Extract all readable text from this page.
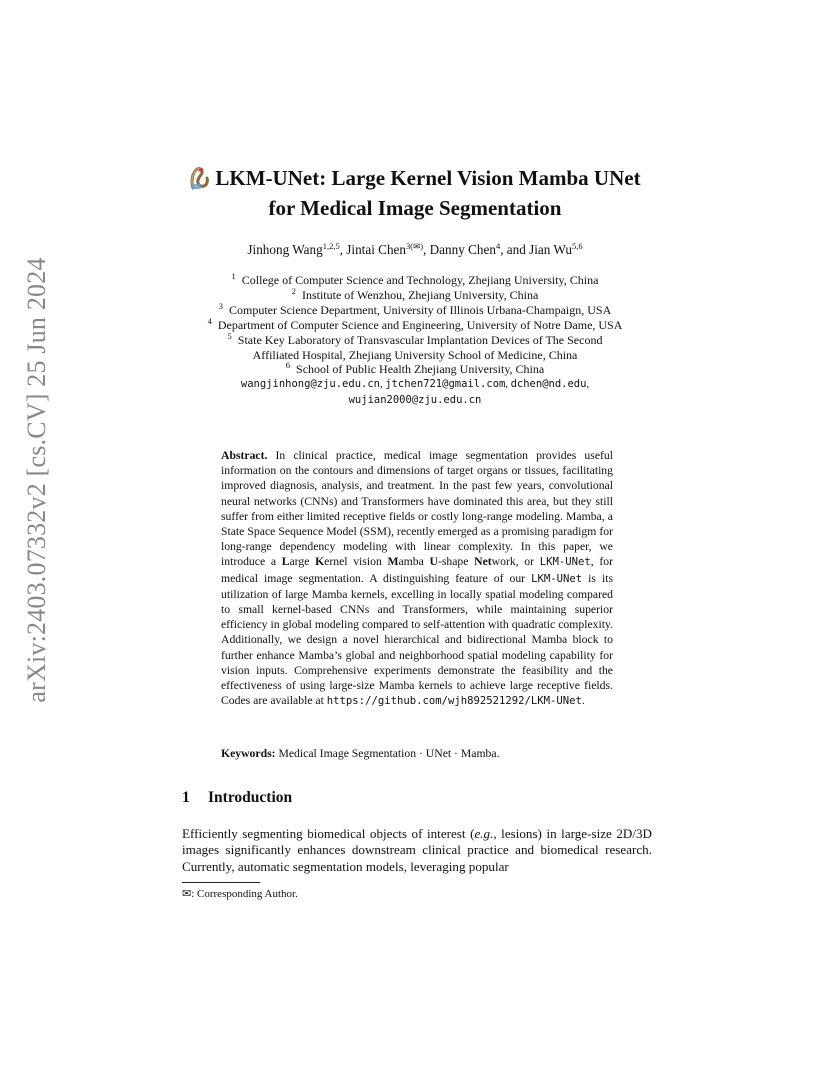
arXiv:2403.07332v2 [cs.CV] 25 Jun 2024
LKM-UNet: Large Kernel Vision Mamba UNet
for Medical Image Segmentation
Jinhong Wang$^{1,2,5}$, Jintai Chen$^{3(✉)}$, Danny Chen$^4$, and Jian Wu$^{5,6}$
$^1$ College of Computer Science and Technology, Zhejiang University, China
$^2$ Institute of Wenzhou, Zhejiang University, China
$^3$ Computer Science Department, University of Illinois Urbana-Champaign, USA
$^4$ Department of Computer Science and Engineering, University of Notre Dame, USA
$^5$ State Key Laboratory of Transvascular Implantation Devices of The Second
Affiliated Hospital, Zhejiang University School of Medicine, China
$^6$ School of Public Health Zhejiang University, China
wangjinhong@zju.edu.cn, jtchen721@gmail.com, dchen@nd.edu,
wujian2000@zju.edu.cn
Abstract. In clinical practice, medical image segmentation provides useful information on the contours and dimensions of target organs or tissues, facilitating improved diagnosis, analysis, and treatment. In the past few years, convolutional neural networks (CNNs) and Transformers have dominated this area, but they still suffer from either limited receptive fields or costly long-range modeling. Mamba, a State Space Sequence Model (SSM), recently emerged as a promising paradigm for long-range dependency modeling with linear complexity. In this paper, we introduce a Large Kernel vision Mamba U-shape Network, or LKM-UNet, for medical image segmentation. A distinguishing feature of our LKM-UNet is its utilization of large Mamba kernels, excelling in locally spatial modeling compared to small kernel-based CNNs and Transformers, while maintaining superior efficiency in global modeling compared to self-attention with quadratic complexity. Additionally, we design a novel hierarchical and bidirectional Mamba block to further enhance Mamba’s global and neighborhood spatial modeling capability for vision inputs. Comprehensive experiments demonstrate the feasibility and the effectiveness of using large-size Mamba kernels to achieve large receptive fields. Codes are available at https://github.com/wjh892521292/LKM-UNet.
Keywords: Medical Image Segmentation · UNet · Mamba.
1 Introduction
Efficiently segmenting biomedical objects of interest (e.g., lesions) in large-size 2D/3D images significantly enhances downstream clinical practice and biomedical research. Currently, automatic segmentation models, leveraging popular
✉: Corresponding Author.
